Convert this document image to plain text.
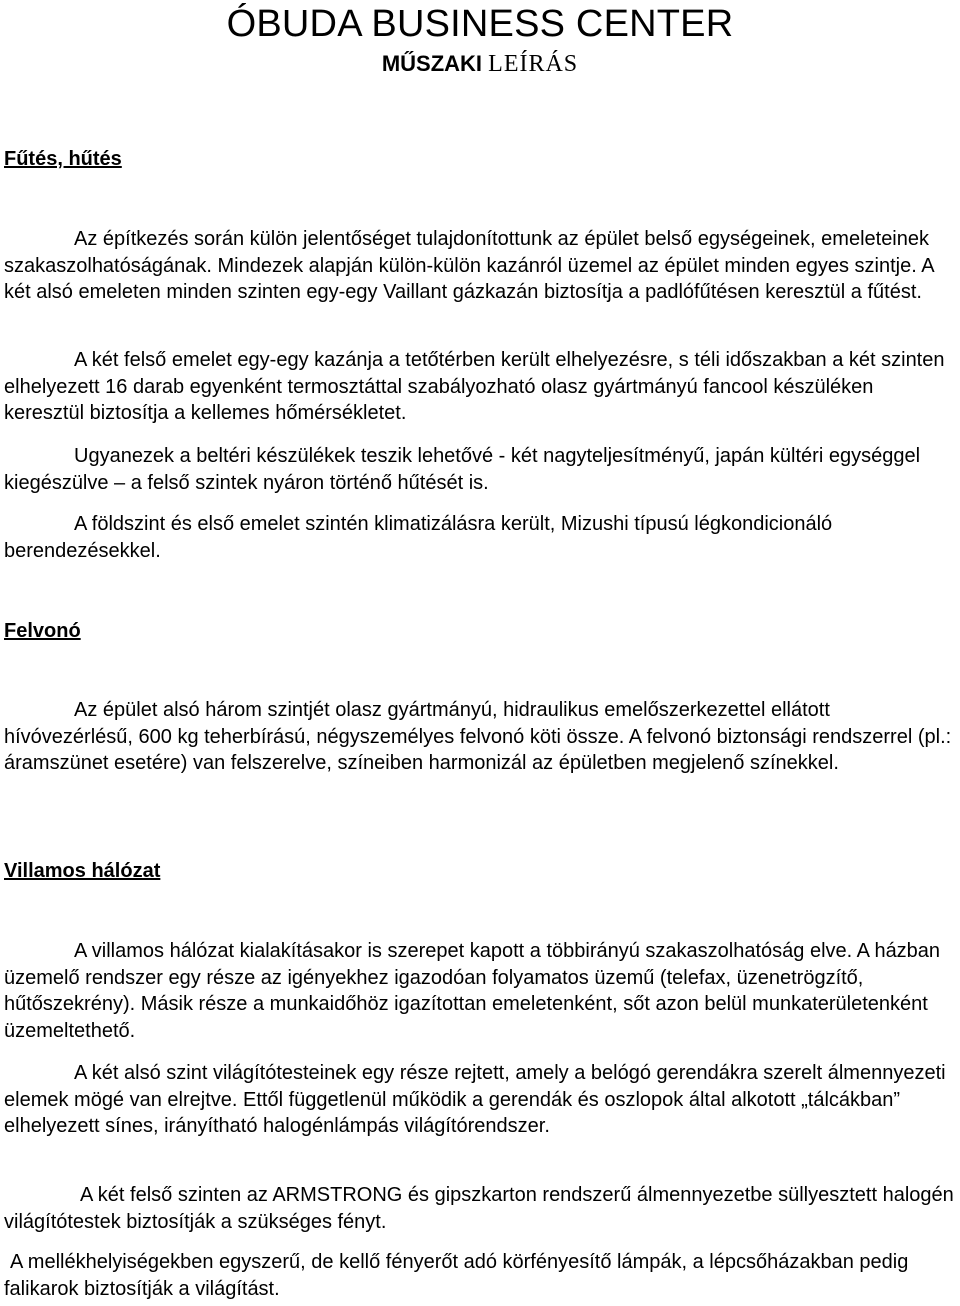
ÓBUDA BUSINESS CENTER
MŰSZAKI LEÍRÁS
Fűtés, hűtés

Az építkezés során külön jelentőséget tulajdonítottunk az épület belső egységeinek, emeleteinek szakaszolhatóságának. Mindezek alapján külön-külön kazánról üzemel az épület minden egyes szintje. A két alsó emeleten minden szinten egy-egy Vaillant gázkazán biztosítja a padlófűtésen keresztül a fűtést.

A két felső emelet egy-egy kazánja a tetőtérben került elhelyezésre, s téli időszakban a két szinten elhelyezett 16 darab egyenként termosztáttal szabályozható olasz gyártmányú fancool készüléken keresztül biztosítja a kellemes hőmérsékletet.

Ugyanezek a beltéri készülékek teszik lehetővé - két nagyteljesítményű, japán kültéri egységgel kiegészülve – a felső szintek nyáron történő hűtését is.

A földszint és első emelet szintén klimatizálásra került, Mizushi típusú légkondicionáló berendezésekkel.

Felvonó

Az épület alsó három szintjét olasz gyártmányú, hidraulikus emelőszerkezettel ellátott hívóvezérlésű, 600 kg teherbírású, négyszemélyes felvonó köti össze. A felvonó biztonsági rendszerrel (pl.: áramszünet esetére) van felszerelve, színeiben harmonizál az épületben megjelenő színekkel.

Villamos hálózat

A villamos hálózat kialakításakor is szerepet kapott a többirányú szakaszolhatóság elve. A házban üzemelő rendszer egy része az igényekhez igazodóan folyamatos üzemű (telefax, üzenetrögzítő, hűtőszekrény). Másik része a munkaidőhöz igazítottan emeletenként, sőt azon belül munkaterületenként üzemeltethető.

A két alsó szint világítótesteinek egy része rejtett, amely a belógó gerendákra szerelt álmennyezeti elemek mögé van elrejtve. Ettől függetlenül működik a gerendák és oszlopok által alkotott „tálcákban” elhelyezett sínes, irányítható halogénlámpás világítórendszer.

A két felső szinten az ARMSTRONG és gipszkarton rendszerű álmennyezetbe süllyesztett halogén világítótestek biztosítják a szükséges fényt.

A mellékhelyiségekben egyszerű, de kellő fényerőt adó körfényesítő lámpák, a lépcsőházakban pedig falikarok biztosítják a világítást.
